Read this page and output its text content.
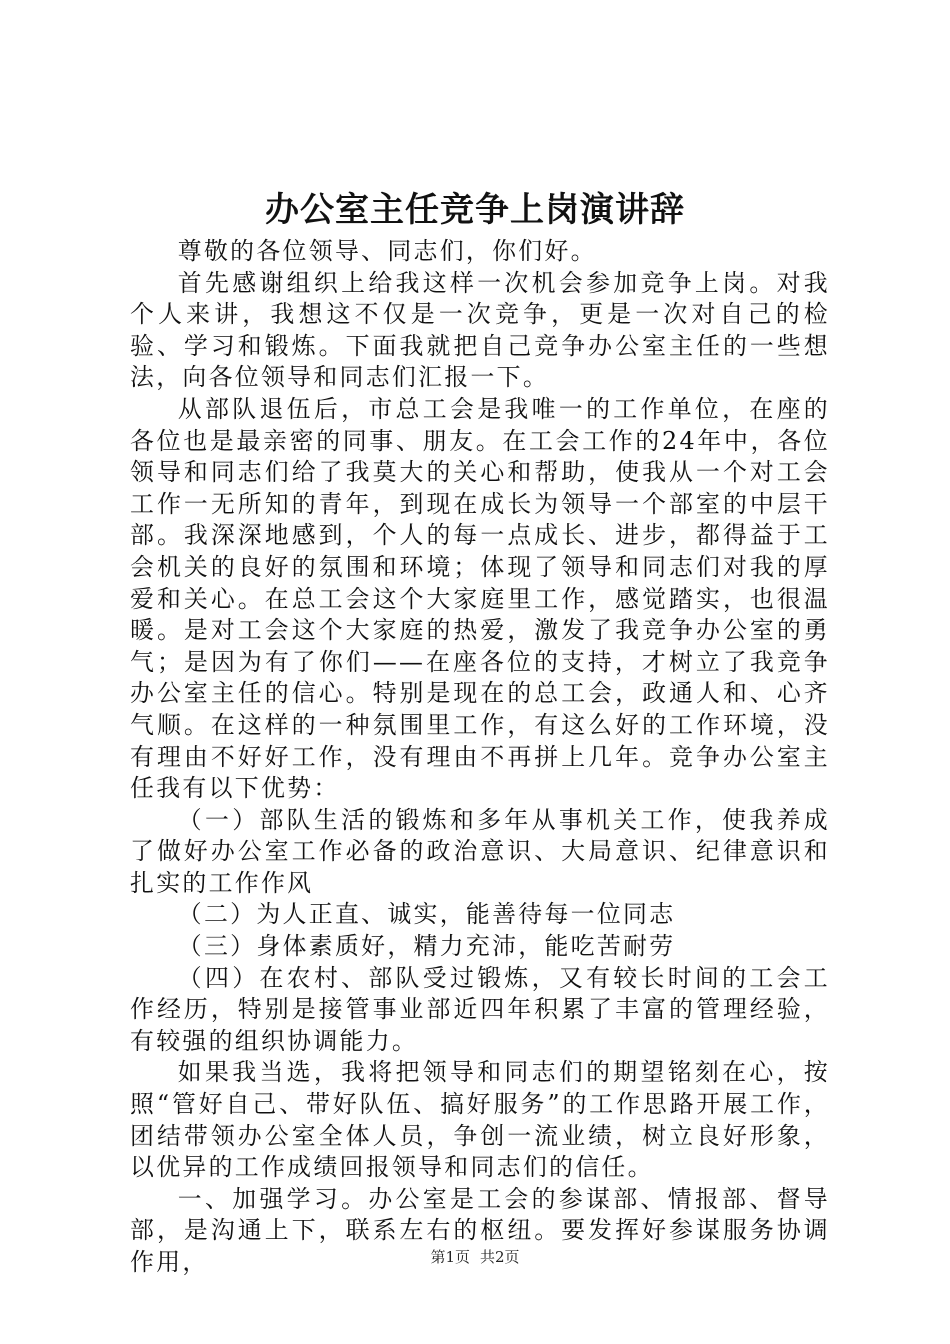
办公室主任竞争上岗演讲辞

尊敬的各位领导、同志们，你们好。

首先感谢组织上给我这样一次机会参加竞争上岗。对我个人来讲，我想这不仅是一次竞争，更是一次对自己的检验、学习和锻炼。下面我就把自己竞争办公室主任的一些想法，向各位领导和同志们汇报一下。

从部队退伍后，市总工会是我唯一的工作单位，在座的各位也是最亲密的同事、朋友。在工会工作的24年中，各位领导和同志们给了我莫大的关心和帮助，使我从一个对工会工作一无所知的青年，到现在成长为领导一个部室的中层干部。我深深地感到，个人的每一点成长、进步，都得益于工会机关的良好的氛围和环境；体现了领导和同志们对我的厚爱和关心。在总工会这个大家庭里工作，感觉踏实，也很温暖。是对工会这个大家庭的热爱，激发了我竞争办公室的勇气；是因为有了你们——在座各位的支持，才树立了我竞争办公室主任的信心。特别是现在的总工会，政通人和、心齐气顺。在这样的一种氛围里工作，有这么好的工作环境，没有理由不好好工作，没有理由不再拼上几年。竞争办公室主任我有以下优势：

（一）部队生活的锻炼和多年从事机关工作，使我养成了做好办公室工作必备的政治意识、大局意识、纪律意识和扎实的工作作风

（二）为人正直、诚实，能善待每一位同志

（三）身体素质好，精力充沛，能吃苦耐劳

（四）在农村、部队受过锻炼，又有较长时间的工会工作经历，特别是接管事业部近四年积累了丰富的管理经验，有较强的组织协调能力。

如果我当选，我将把领导和同志们的期望铭刻在心，按照“管好自己、带好队伍、搞好服务”的工作思路开展工作，团结带领办公室全体人员，争创一流业绩，树立良好形象，以优异的工作成绩回报领导和同志们的信任。

一、加强学习。办公室是工会的参谋部、情报部、督导部，是沟通上下，联系左右的枢纽。要发挥好参谋服务协调作用，	第1页 共2页
